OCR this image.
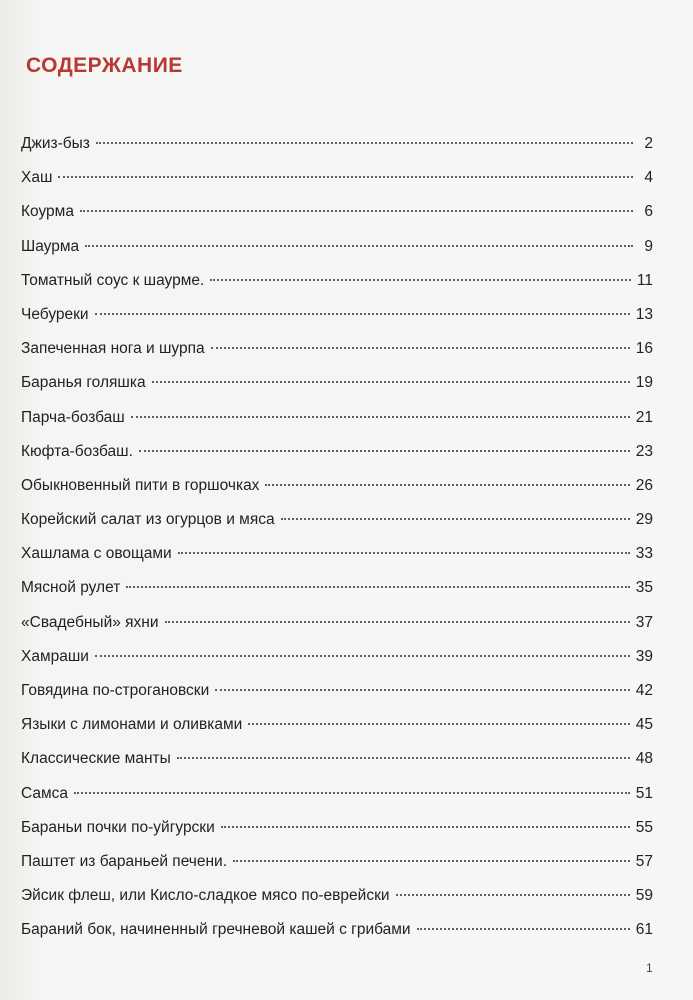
СОДЕРЖАНИЕ
Джиз-быз	2
Хаш	4
Коурма	6
Шаурма	9
Томатный соус к шаурме.	11
Чебуреки	13
Запеченная нога и шурпа	16
Баранья голяшка	19
Парча-бозбаш	21
Кюфта-бозбаш.	23
Обыкновенный пити в горшочках	26
Корейский салат из огурцов и мяса	29
Хашлама с овощами	33
Мясной рулет	35
«Свадебный» яхни	37
Хамраши	39
Говядина по-строгановски	42
Языки с лимонами и оливками	45
Классические манты	48
Самса	51
Бараньи почки по-уйгурски	55
Паштет из бараньей печени.	57
Эйсик флеш, или Кисло-сладкое мясо по-еврейски	59
Бараний бок, начиненный гречневой кашей с грибами	61
1
